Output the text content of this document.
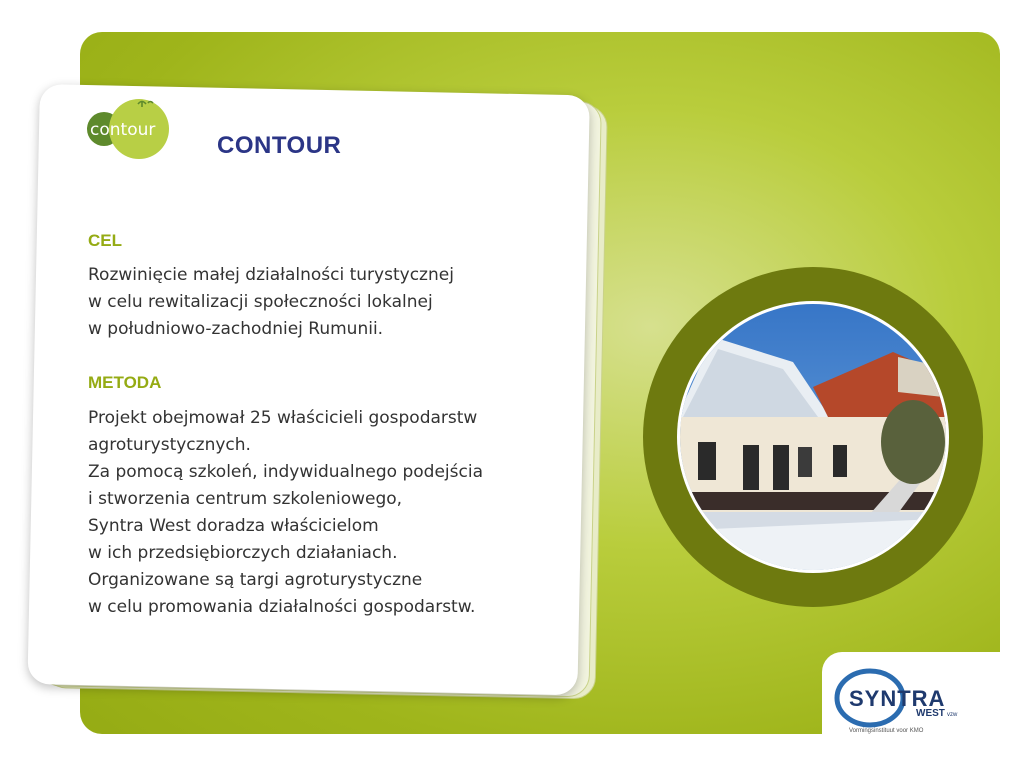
contour
CONTOUR
CEL
Rozwinięcie małej działalności turystycznej
w celu rewitalizacji społeczności lokalnej
w południowo-zachodniej Rumunii.
METODA
Projekt obejmował 25 właścicieli gospodarstw
agroturystycznych.
Za pomocą szkoleń, indywidualnego podejścia
i stworzenia centrum szkoleniowego,
Syntra West doradza właścicielom
w ich przedsiębiorczych działaniach.
Organizowane są targi agroturystyczne
w celu promowania działalności gospodarstw.
SYNTRA
WEST vzw
Vormingsinstituut voor KMO
